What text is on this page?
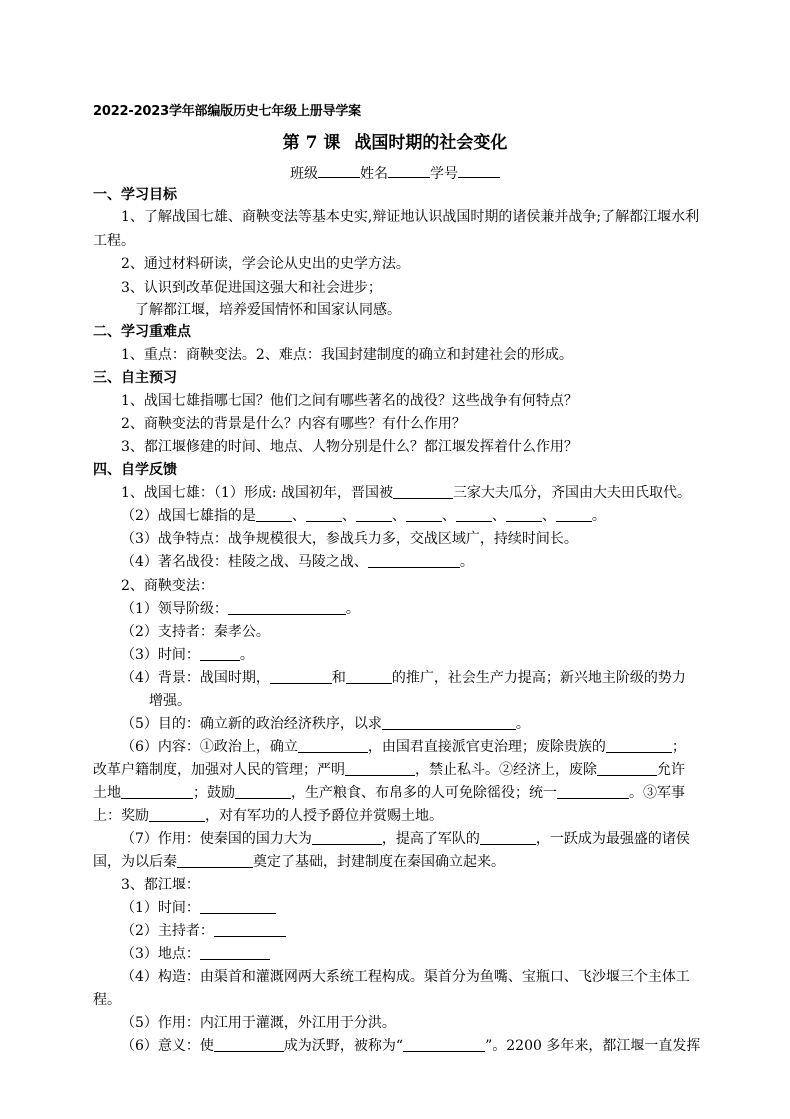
2022-2023学年部编版历史七年级上册导学案
第 7 课 战国时期的社会变化
班级	姓名	学号
一、学习目标
1、了解战国七雄、商鞅变法等基本史实,辩证地认识战国时期的诸侯兼并战争;了解都江堰水利
工程。
2、通过材料研读，学会论从史出的史学方法。
3、认识到改革促进国这强大和社会进步；
了解都江堰，培养爱国情怀和国家认同感。
二、学习重难点
1、重点：商鞅变法。2、难点：我国封建制度的确立和封建社会的形成。
三、自主预习
1、战国七雄指哪七国？他们之间有哪些著名的战役？这些战争有何特点？
2、商鞅变法的背景是什么？内容有哪些？有什么作用？
3、都江堰修建的时间、地点、人物分别是什么？都江堰发挥着什么作用？
四、自学反馈
1、战国七雄：（1）形成: 战国初年，晋国被	三家大夫瓜分，齐国由大夫田氏取代。
（2）战国七雄指的是	、	、	、	、	、	、	。
（3）战争特点：战争规模很大，参战兵力多，交战区域广，持续时间长。
（4）著名战役：桂陵之战、马陵之战、	。
2、商鞅变法：
（1）领导阶级：	。
（2）支持者：秦孝公。
（3）时间：	。
（4）背景：战国时期，	和	的推广，社会生产力提高；新兴地主阶级的势力
增强。
（5）目的：确立新的政治经济秩序，以求	。
（6）内容：①政治上，确立	，由国君直接派官吏治理；废除贵族的	；
改革户籍制度，加强对人民的管理；严明	，禁止私斗。②经济上，废除	允许
土地	；鼓励	，生产粮食、布帛多的人可免除徭役；统一	。③军事
上：奖励	，对有军功的人授予爵位并赏赐土地。
（7）作用：使秦国的国力大为	，提高了军队的	，一跃成为最强盛的诸侯
国，为以后秦	奠定了基础，封建制度在秦国确立起来。
3、都江堰：
（1）时间：
（2）主持者：
（3）地点：
（4）构造：由渠首和灌溉网两大系统工程构成。渠首分为鱼嘴、宝瓶口、飞沙堰三个主体工
程。
（5）作用：内江用于灌溉，外江用于分洪。
（6）意义：使	成为沃野，被称为“	”。2200 多年来，都江堰一直发挥
